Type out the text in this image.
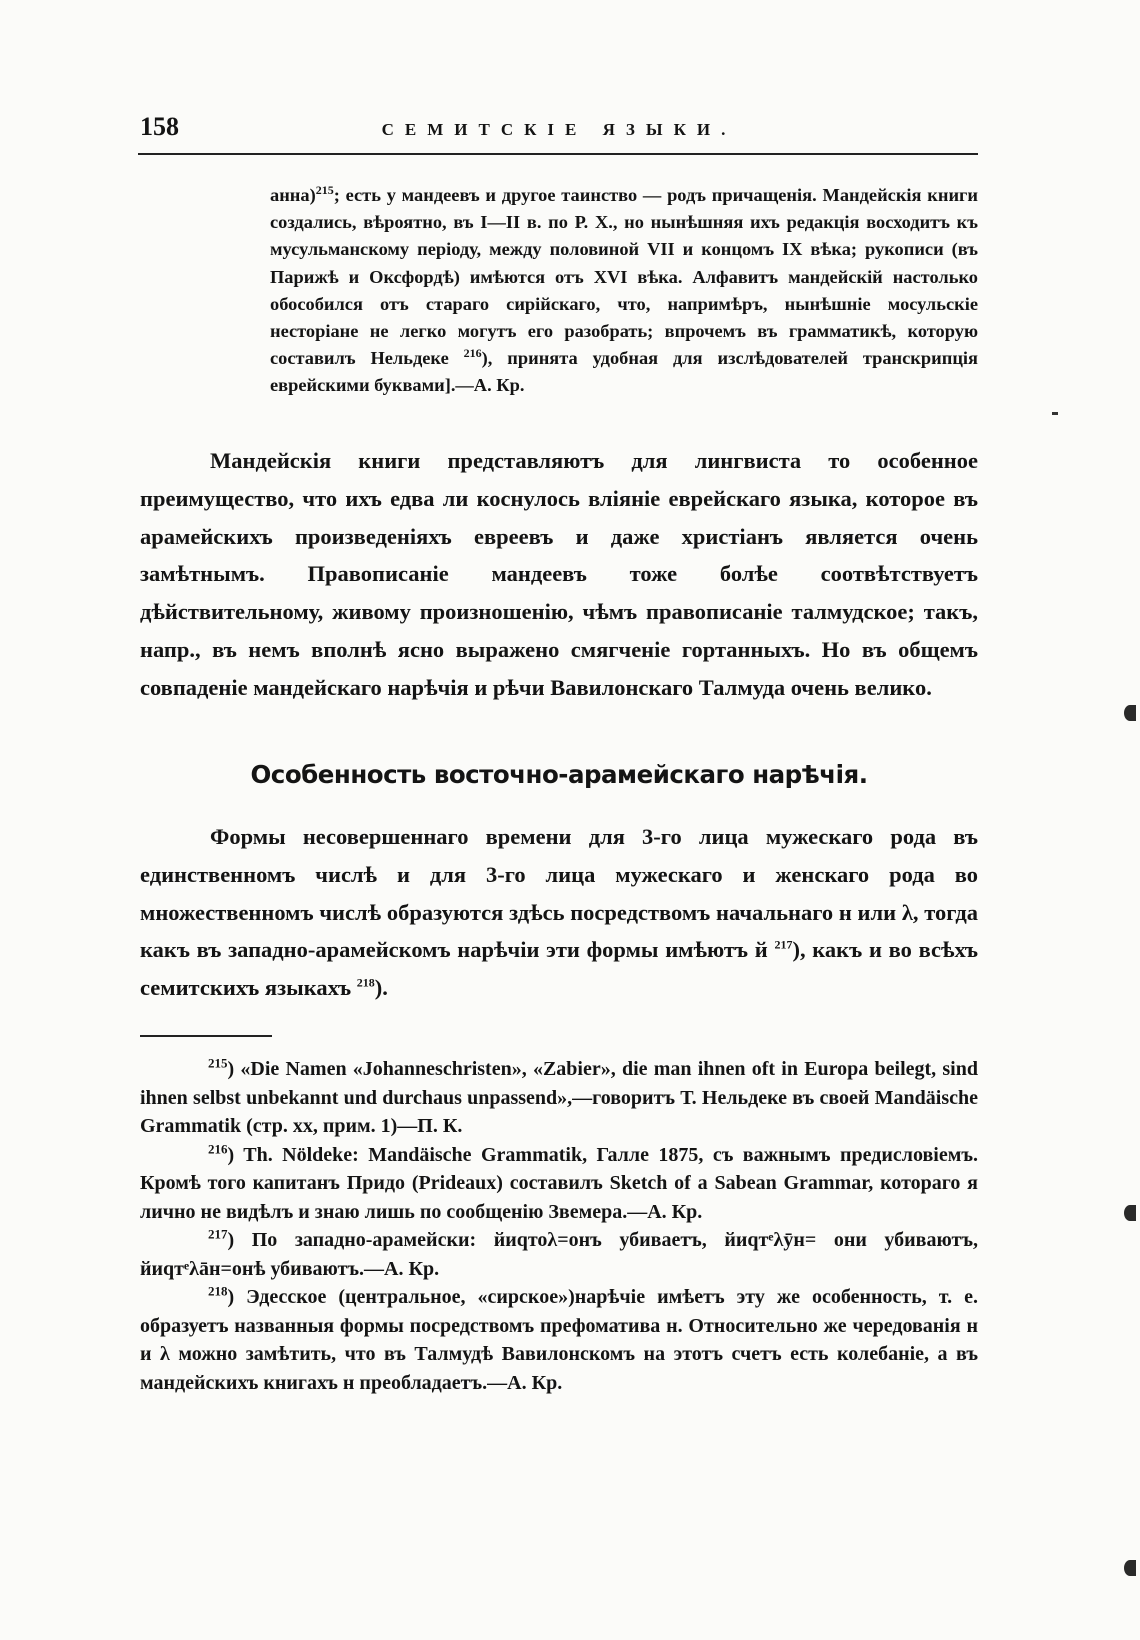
158	СЕМИТСКІЕ ЯЗЫКИ.

анна)$^{215}$; есть у мандеевъ и другое таинство — родъ причащенія. Мандейскія книги создались, вѣроятно, въ I—II в. по Р. X., но нынѣшняя ихъ редакція восходитъ къ мусульманскому періоду, между половиной VII и концомъ IX вѣка; рукописи (въ Парижѣ и Оксфордѣ) имѣются отъ XVI вѣка. Алфавитъ мандейскій настолько обособился отъ стараго сирійскаго, что, напримѣръ, нынѣшніе мосульскіе несторіане не легко могутъ его разобрать; впрочемъ въ грамматикѣ, которую составилъ Нельдеке $^{216}$), принята удобная для изслѣдователей транскрипція еврейскими буквами].—А. Кр.

Мандейскія книги представляютъ для лингвиста то особенное преимущество, что ихъ едва ли коснулось вліяніе еврейскаго языка, которое въ арамейскихъ произведеніяхъ евреевъ и даже христіанъ является очень замѣтнымъ. Правописаніе мандеевъ тоже болѣе соотвѣтствуетъ дѣйствительному, живому произношенію, чѣмъ правописаніе талмудское; такъ, напр., въ немъ вполнѣ ясно выражено смягченіе гортанныхъ. Но въ общемъ совпаденіе мандейскаго нарѣчія и рѣчи Вавилонскаго Талмуда очень велико.

Особенность восточно-арамейскаго нарѣчія.

Формы несовершеннаго времени для 3-го лица мужескаго рода въ единственномъ числѣ и для 3-го лица мужескаго и женскаго рода во множественномъ числѣ образуются здѣсь посредствомъ начальнаго н или λ, тогда какъ въ западно-арамейскомъ нарѣчіи эти формы имѣютъ й $^{217}$), какъ и во всѣхъ семитскихъ языкахъ $^{218}$).

$^{215}$) «Die Namen «Johanneschristen», «Zabier», die man ihnen oft in Europa beilegt, sind ihnen selbst unbekannt und durchaus unpassend»,—говоритъ Т. Нельдеке въ своей Mandäische Grammatik (стр. xx, прим. 1)—П. К.

$^{216}$) Th. Nöldeke: Mandäische Grammatik, Галле 1875, съ важнымъ предисловіемъ. Кромѣ того капитанъ Придо (Prideaux) составилъ Sketch of a Sabean Grammar, котораго я лично не видѣлъ и знаю лишь по сообщенію Звемера.—А. Кр.

$^{217}$) По западно-арамейски: йиqтоλ=онъ убиваетъ, йиqтᵉλӯн= они убиваютъ, йиqтᵉλāн=онѣ убиваютъ.—А. Кр.

$^{218}$) Эдесское (центральное, «сирское»)нарѣчіе имѣетъ эту же особенность, т. е. образуетъ названныя формы посредствомъ префоматива н. Относительно же чередованія н и λ можно замѣтить, что въ Талмудѣ Вавилонскомъ на этотъ счетъ есть колебаніе, а въ мандейскихъ книгахъ н преобладаетъ.—А. Кр.
